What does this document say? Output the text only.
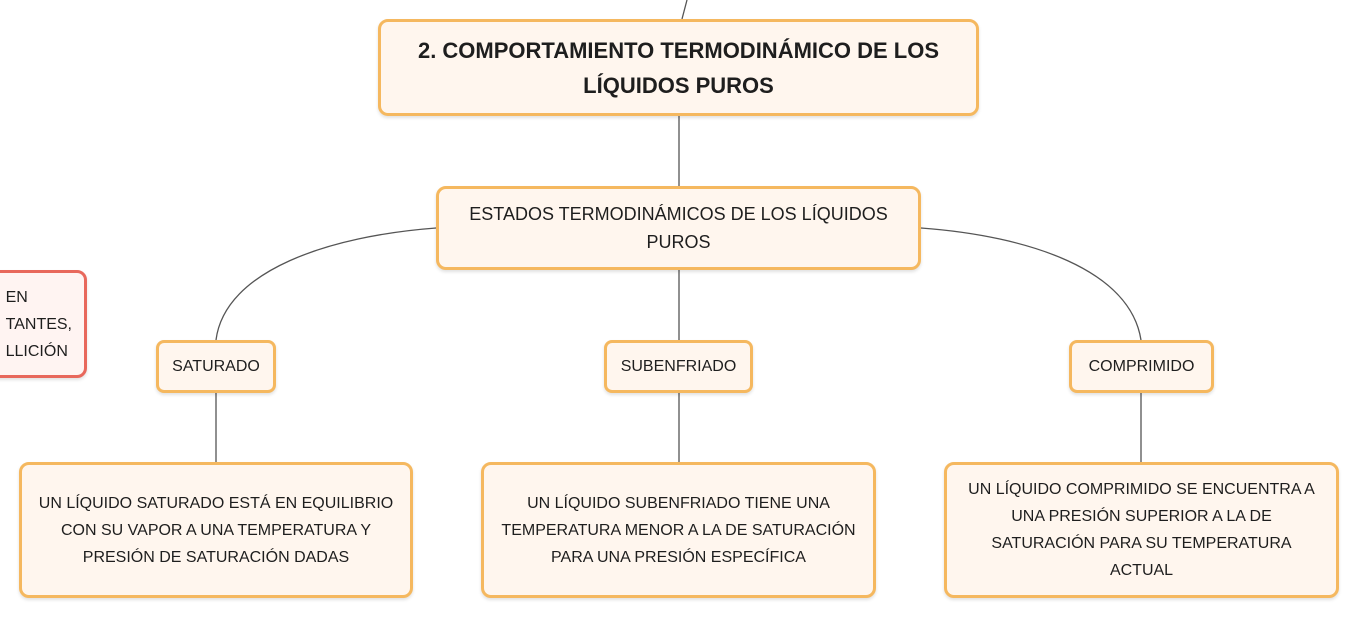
EN
TANTES,
LLICIÓN
2. COMPORTAMIENTO TERMODINÁMICO DE LOS
LÍQUIDOS PUROS
ESTADOS TERMODINÁMICOS DE LOS LÍQUIDOS
PUROS
SATURADO	SUBENFRIADO	COMPRIMIDO
UN LÍQUIDO SATURADO ESTÁ EN EQUILIBRIO
CON SU VAPOR A UNA TEMPERATURA Y
PRESIÓN DE SATURACIÓN DADAS
UN LÍQUIDO SUBENFRIADO TIENE UNA
TEMPERATURA MENOR A LA DE SATURACIÓN
PARA UNA PRESIÓN ESPECÍFICA
UN LÍQUIDO COMPRIMIDO SE ENCUENTRA A
UNA PRESIÓN SUPERIOR A LA DE
SATURACIÓN PARA SU TEMPERATURA
ACTUAL
